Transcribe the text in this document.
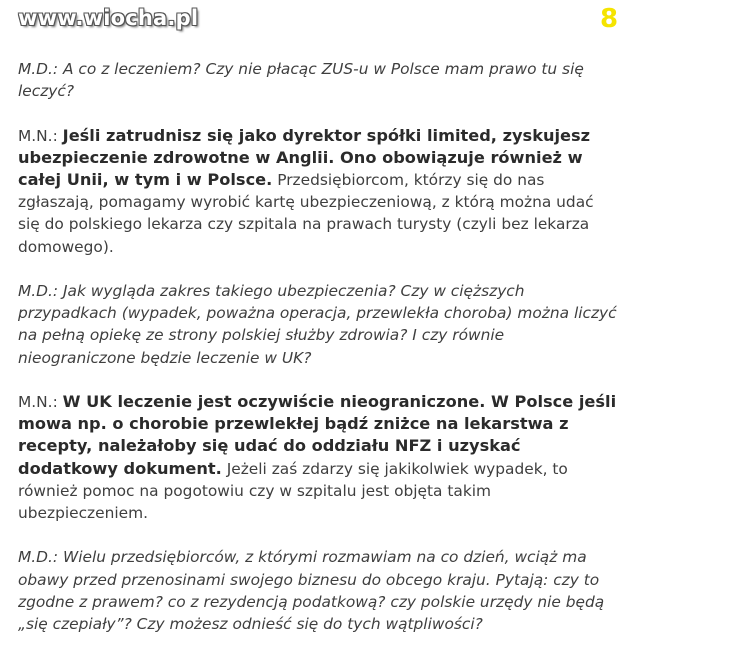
www.wiocha.pl	8

M.D.: A co z leczeniem? Czy nie płacąc ZUS-u w Polsce mam prawo tu się leczyć?

M.N.: Jeśli zatrudnisz się jako dyrektor spółki limited, zyskujesz ubezpieczenie zdrowotne w Anglii. Ono obowiązuje również w całej Unii, w tym i w Polsce. Przedsiębiorcom, którzy się do nas zgłaszają, pomagamy wyrobić kartę ubezpieczeniową, z którą można udać się do polskiego lekarza czy szpitala na prawach turysty (czyli bez lekarza domowego).

M.D.: Jak wygląda zakres takiego ubezpieczenia? Czy w cięższych przypadkach (wypadek, poważna operacja, przewlekła choroba) można liczyć na pełną opiekę ze strony polskiej służby zdrowia? I czy równie nieograniczone będzie leczenie w UK?

M.N.: W UK leczenie jest oczywiście nieograniczone. W Polsce jeśli mowa np. o chorobie przewlekłej bądź zniżce na lekarstwa z recepty, należałoby się udać do oddziału NFZ i uzyskać dodatkowy dokument. Jeżeli zaś zdarzy się jakikolwiek wypadek, to również pomoc na pogotowiu czy w szpitalu jest objęta takim ubezpieczeniem.

M.D.: Wielu przedsiębiorców, z którymi rozmawiam na co dzień, wciąż ma obawy przed przenosinami swojego biznesu do obcego kraju. Pytają: czy to zgodne z prawem? co z rezydencją podatkową? czy polskie urzędy nie będą „się czepiały”? Czy możesz odnieść się do tych wątpliwości?
